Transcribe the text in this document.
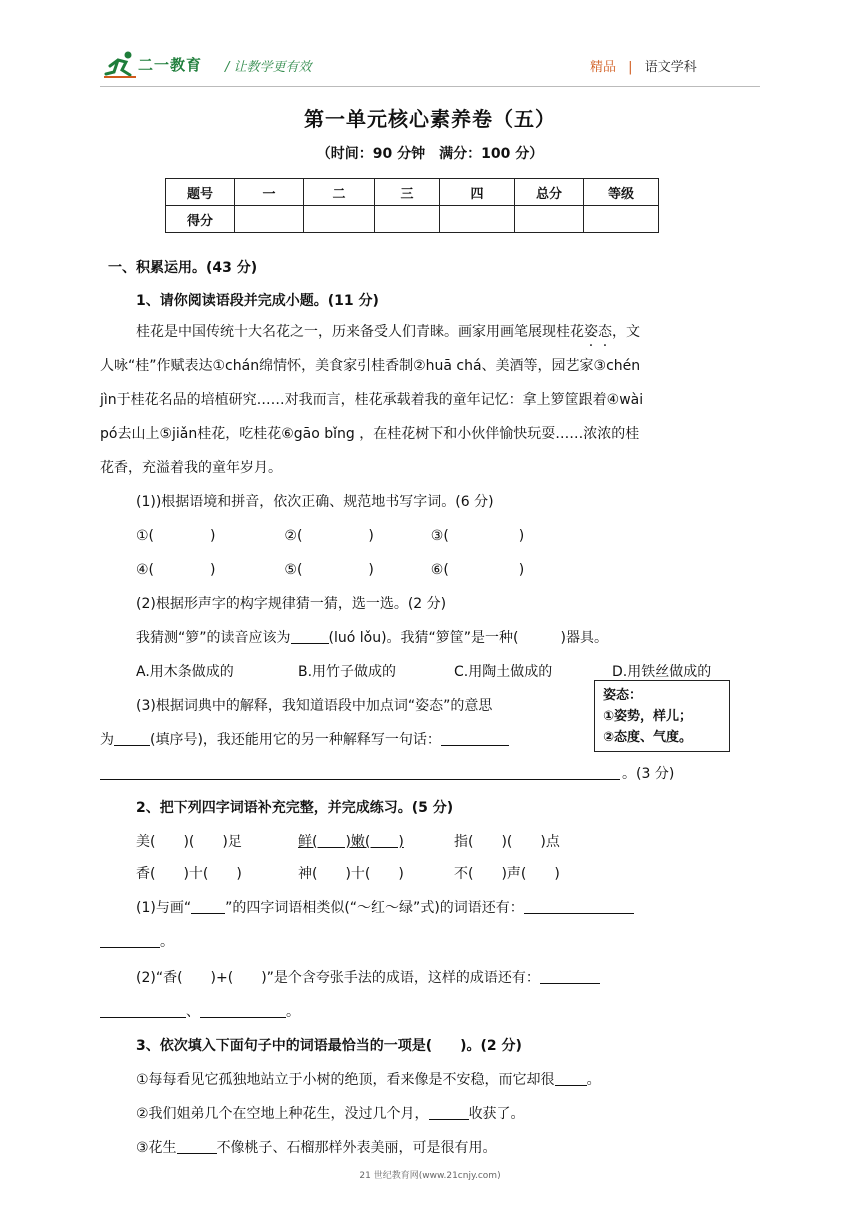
二一教育 / 让教学更有效	精品 | 语文学科
第一单元核心素养卷（五）
（时间：90 分钟　满分：100 分）
题号	一	二	三	四	总分	等级
得分						
一、积累运用。(43 分)
1、请你阅读语段并完成小题。(11 分)
桂花是中国传统十大名花之一，历来备受人们青睐。画家用画笔展现桂花姿态，文
人咏“桂”作赋表达①chán绵情怀，美食家引桂香制②huā chá、美酒等，园艺家③chén
jìn于桂花名品的培植研究……对我而言，桂花承载着我的童年记忆：拿上箩筐跟着④wài
pó去山上⑤jiǎn桂花，吃桂花⑥gāo bǐng ，在桂花树下和小伙伴愉快玩耍……浓浓的桂
花香，充溢着我的童年岁月。
(1))根据语境和拼音，依次正确、规范地书写字词。(6 分)
①(	)	②(	)	③(	)
④(	)	⑤(	)	⑥(	)
(2)根据形声字的构字规律猜一猜，选一选。(2 分)
我猜测“箩”的读音应该为	(luó lǒu)。我猜“箩筐”是一种(　　　)器具。
A.用木条做成的	B.用竹子做成的	C.用陶土做成的	D.用铁丝做成的
(3)根据词典中的解释，我知道语段中加点词“姿态”的意思
姿态：
①姿势，样儿；
②态度、气度。
为	(填序号)，我还能用它的另一种解释写一句话：
。(3 分)
2、把下列四字词语补充完整，并完成练习。(5 分)
美(　　)(　　)足	鲜(　　)嫩(　　)	指(　　)(　　)点
香(　　)十(　　)	神(　　)十(　　)	不(　　)声(　　)
(1)与画“ ”的四字词语相类似(“～红～绿”式)的词语还有：
。
(2)“香(　　)+(　　)”是个含夸张手法的成语，这样的成语还有：
、	。
3、依次填入下面句子中的词语最恰当的一项是(　　)。(2 分)
①每每看见它孤独地站立于小树的绝顶，看来像是不安稳，而它却很 。
②我们姐弟几个在空地上种花生，没过几个月，	收获了。
③花生	不像桃子、石榴那样外表美丽，可是很有用。
21 世纪教育网(www.21cnjy.com)
